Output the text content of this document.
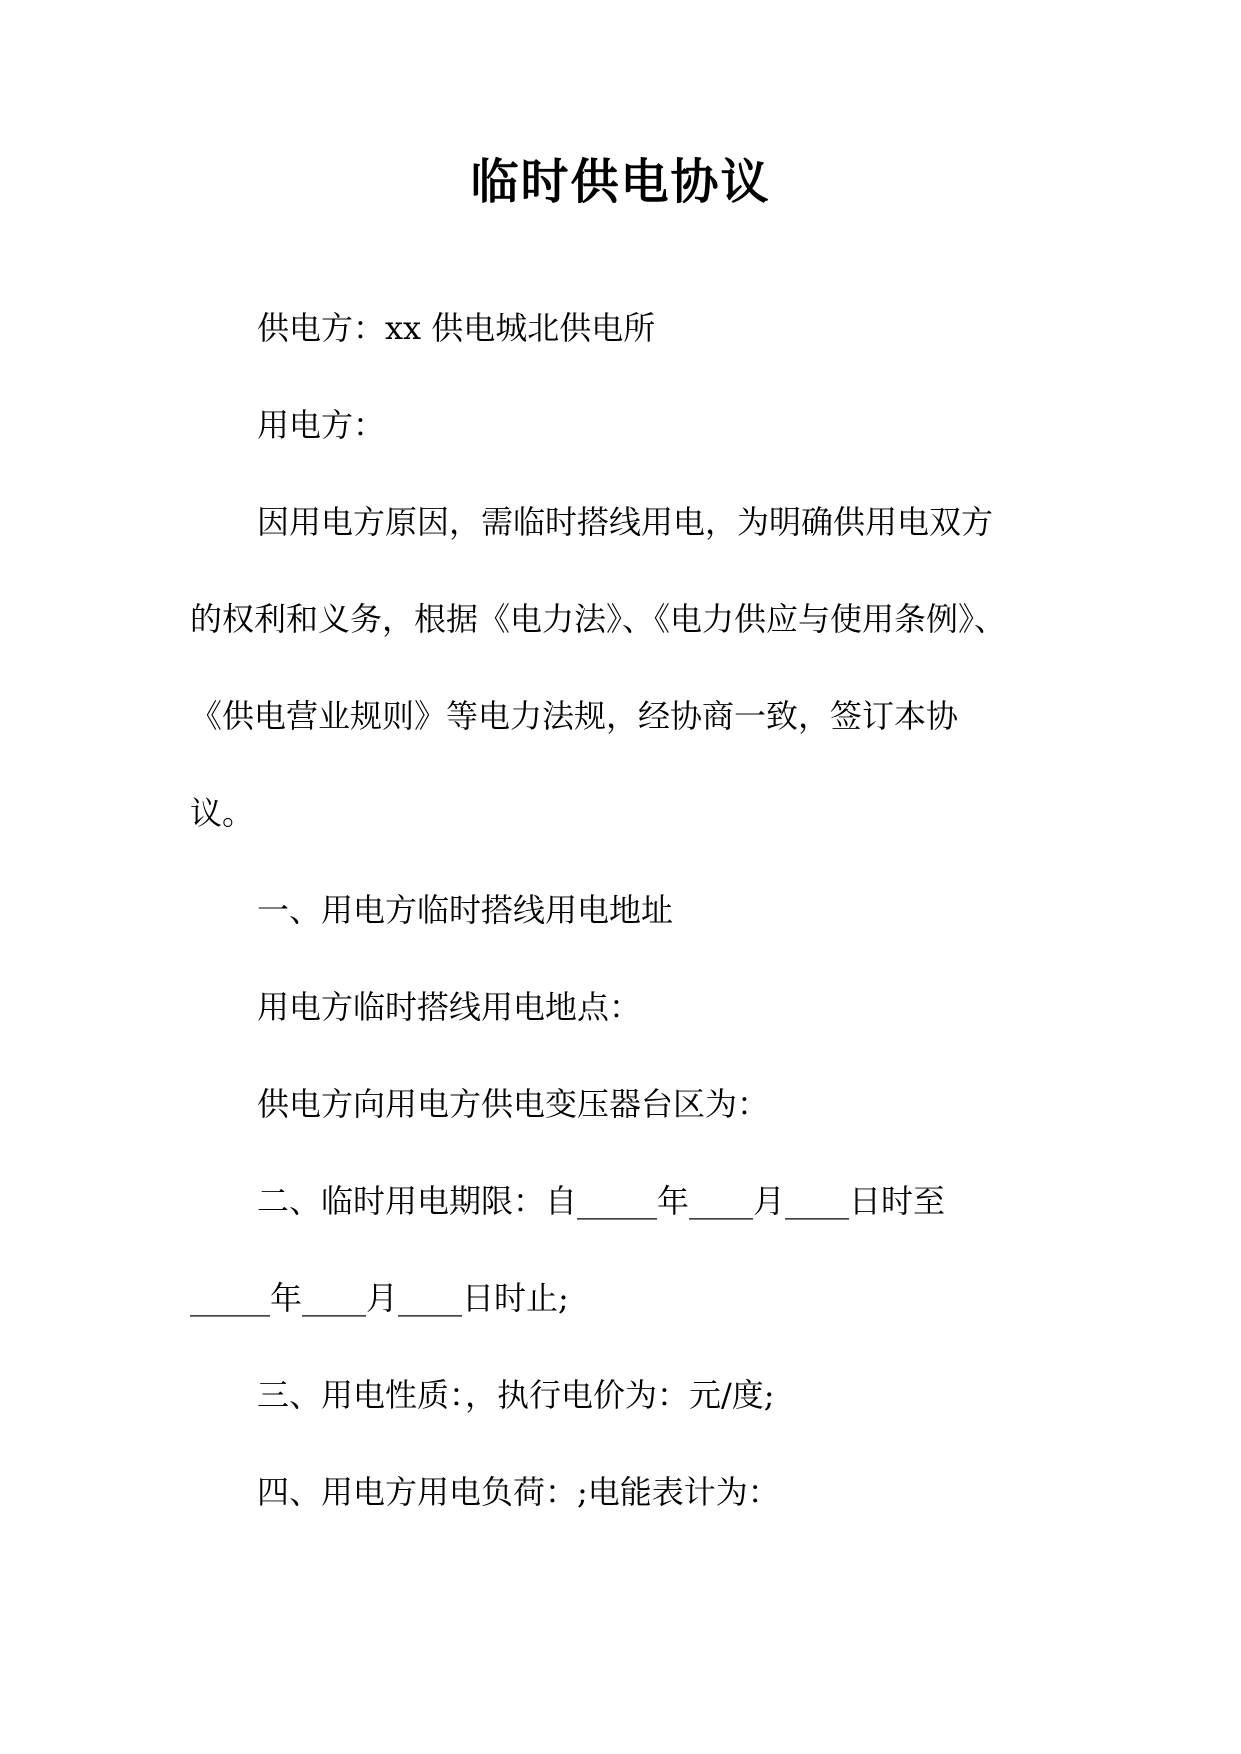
临时供电协议
供电方：xx 供电城北供电所
用电方：
因用电方原因，需临时搭线用电，为明确供用电双方
的权利和义务，根据《电力法》、《电力供应与使用条例》、
《供电营业规则》等电力法规，经协商一致，签订本协
议。
一、用电方临时搭线用电地址
用电方临时搭线用电地点：
供电方向用电方供电变压器台区为：
二、临时用电期限：自_____年____月____日时至
_____年____月____日时止;
三、用电性质：，执行电价为：元/度;
四、用电方用电负荷：;电能表计为：
